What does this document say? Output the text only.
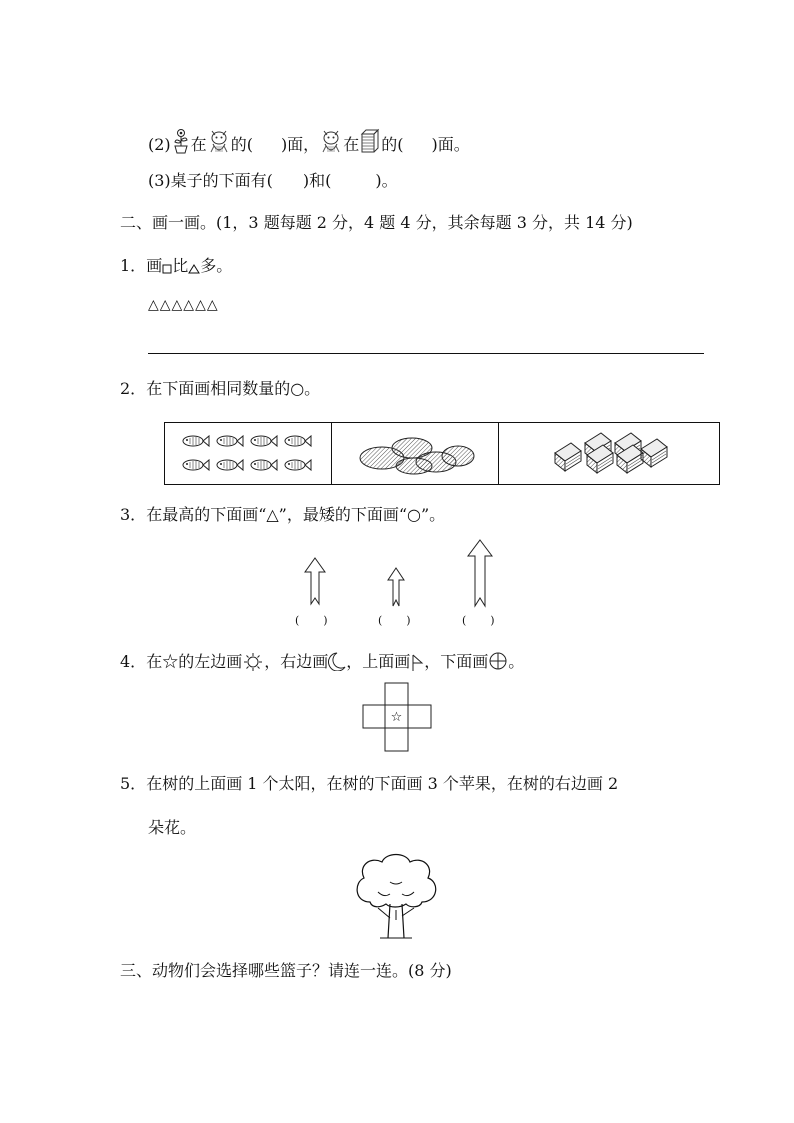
(2) 在 的( )面， 在 的( )面。
(3)桌子的下面有( )和(	)。
二、画一画。(1，3 题每题 2 分，4 题 4 分，其余每题 3 分，共 14 分)
1．画 比 多。
△△△△△△
2．在下面画相同数量的○。
3．在最高的下面画“△”，最矮的下面画“○”。
( )	( )	( )
4．在☆的左边画 ，右边画 ，上面画 ，下面画 。
☆
5．在树的上面画 1 个太阳，在树的下面画 3 个苹果，在树的右边画 2
朵花。
三、动物们会选择哪些篮子？请连一连。(8 分)
